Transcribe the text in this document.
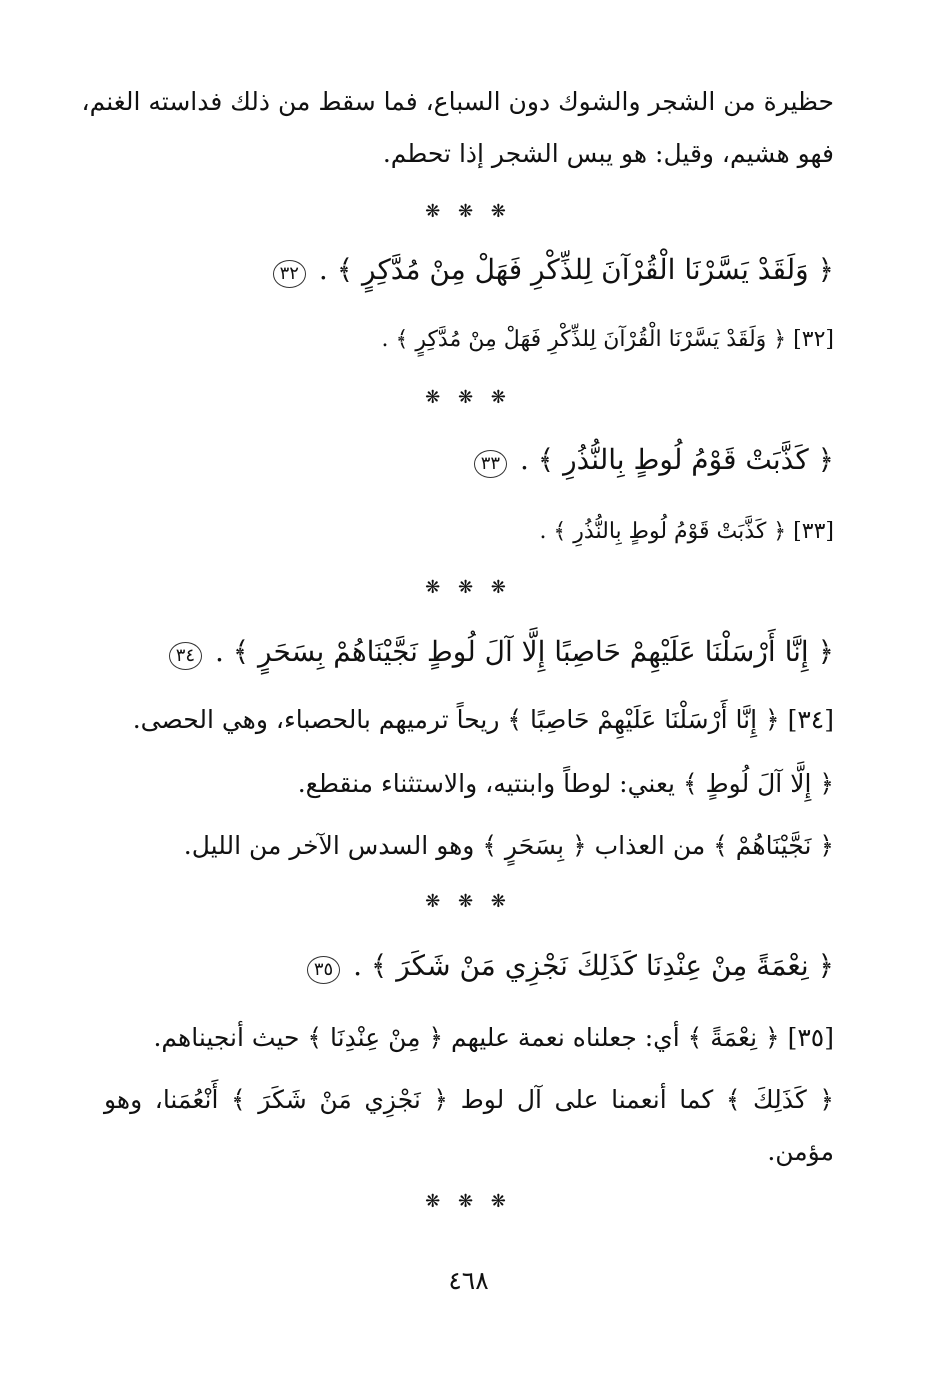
حظيرة من الشجر والشوك دون السباع، فما سقط من ذلك فداسته الغنم،
فهو هشيم، وقيل: هو يبس الشجر إذا تحطم.
❋ ❋ ❋
﴿ وَلَقَدْ يَسَّرْنَا الْقُرْآنَ لِلذِّكْرِ فَهَلْ مِنْ مُدَّكِرٍ ﴾ . ٣٢
[٣٢] ﴿ وَلَقَدْ يَسَّرْنَا الْقُرْآنَ لِلذِّكْرِ فَهَلْ مِنْ مُدَّكِرٍ ﴾ .
❋ ❋ ❋
﴿ كَذَّبَتْ قَوْمُ لُوطٍ بِالنُّذُرِ ﴾ . ٣٣
[٣٣] ﴿ كَذَّبَتْ قَوْمُ لُوطٍ بِالنُّذُرِ ﴾ .
❋ ❋ ❋
﴿ إِنَّا أَرْسَلْنَا عَلَيْهِمْ حَاصِبًا إِلَّا آلَ لُوطٍ نَجَّيْنَاهُمْ بِسَحَرٍ ﴾ . ٣٤
[٣٤] ﴿ إِنَّا أَرْسَلْنَا عَلَيْهِمْ حَاصِبًا ﴾ ريحاً ترميهم بالحصباء، وهي الحصى.
﴿ إِلَّا آلَ لُوطٍ ﴾ يعني: لوطاً وابنتيه، والاستثناء منقطع.
﴿ نَجَّيْنَاهُمْ ﴾ من العذاب ﴿ بِسَحَرٍ ﴾ وهو السدس الآخر من الليل.
❋ ❋ ❋
﴿ نِعْمَةً مِنْ عِنْدِنَا كَذَلِكَ نَجْزِي مَنْ شَكَرَ ﴾ . ٣٥
[٣٥] ﴿ نِعْمَةً ﴾ أي: جعلناه نعمة عليهم ﴿ مِنْ عِنْدِنَا ﴾ حيث أنجيناهم.
﴿ كَذَلِكَ ﴾ كما أنعمنا على آل لوط ﴿ نَجْزِي مَنْ شَكَرَ ﴾ أَنْعُمَنا، وهو
مؤمن.
❋ ❋ ❋
٤٦٨
